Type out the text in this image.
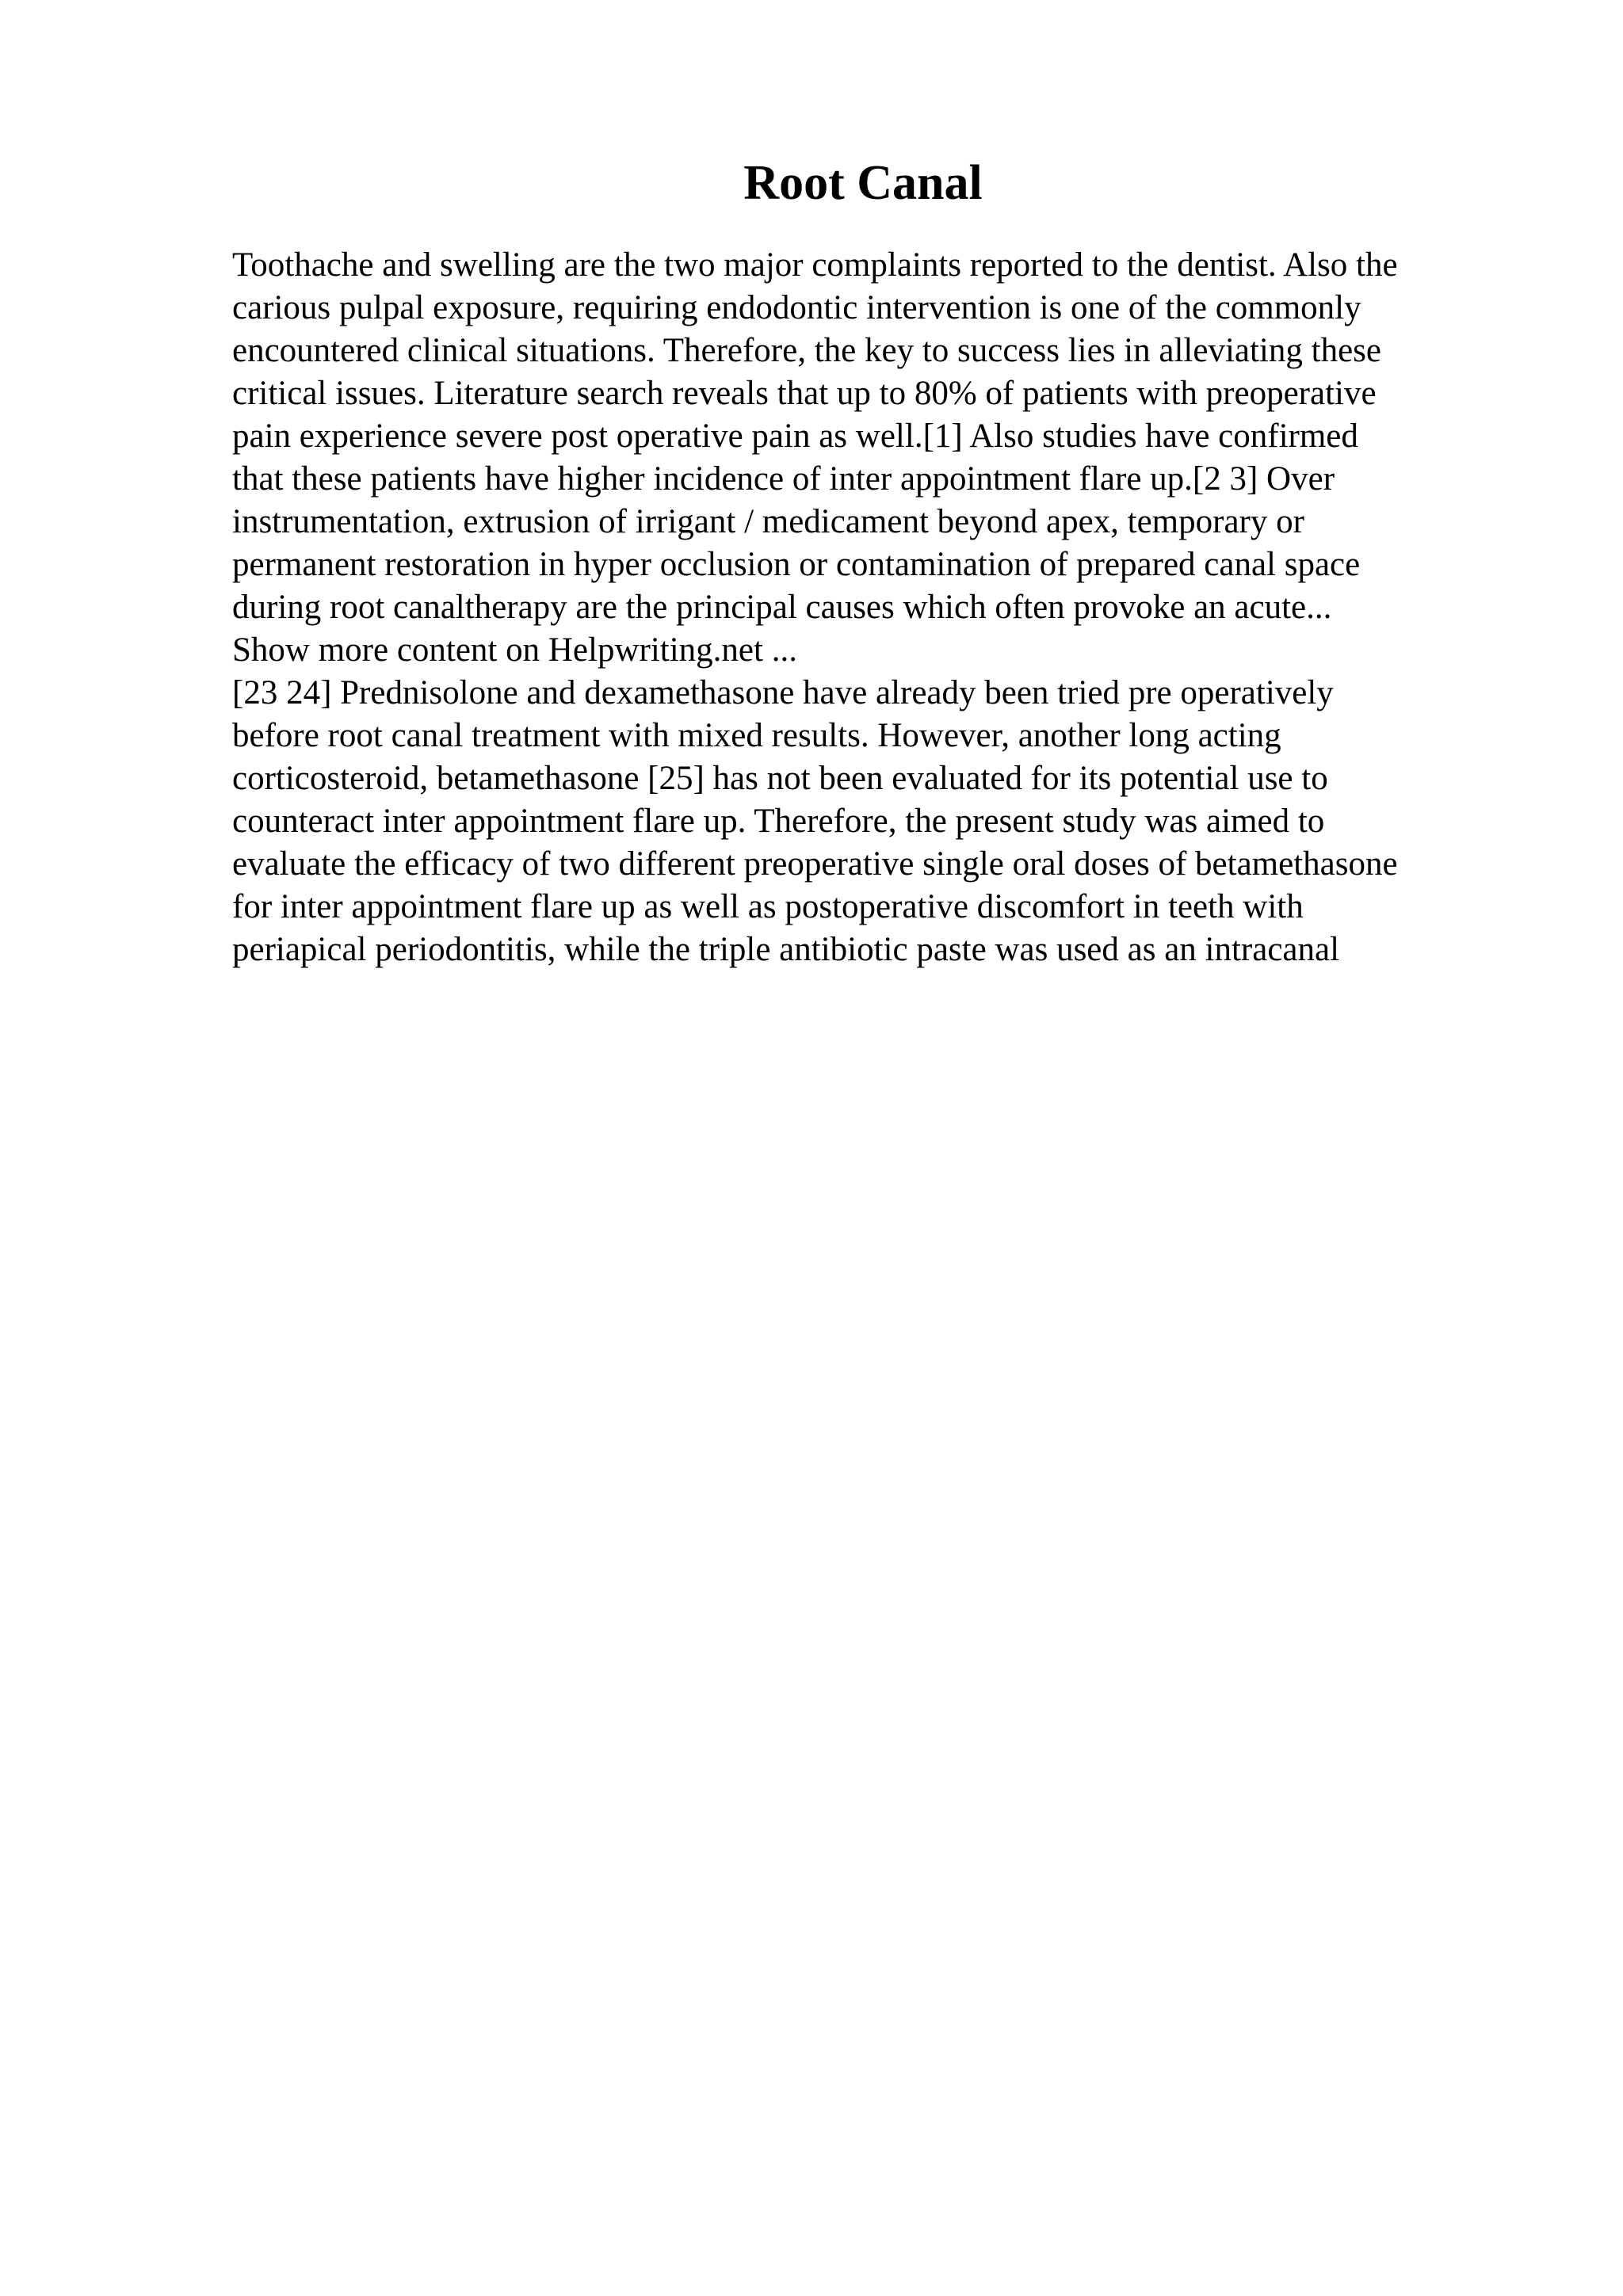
Root Canal
Toothache and swelling are the two major complaints reported to the dentist. Also the
carious pulpal exposure, requiring endodontic intervention is one of the commonly
encountered clinical situations. Therefore, the key to success lies in alleviating these
critical issues. Literature search reveals that up to 80% of patients with preoperative
pain experience severe post operative pain as well.[1] Also studies have confirmed
that these patients have higher incidence of inter appointment flare up.[2 3] Over
instrumentation, extrusion of irrigant / medicament beyond apex, temporary or
permanent restoration in hyper occlusion or contamination of prepared canal space
during root canaltherapy are the principal causes which often provoke an acute...
Show more content on Helpwriting.net ...
[23 24] Prednisolone and dexamethasone have already been tried pre operatively
before root canal treatment with mixed results. However, another long acting
corticosteroid, betamethasone [25] has not been evaluated for its potential use to
counteract inter appointment flare up. Therefore, the present study was aimed to
evaluate the efficacy of two different preoperative single oral doses of betamethasone
for inter appointment flare up as well as postoperative discomfort in teeth with
periapical periodontitis, while the triple antibiotic paste was used as an intracanal
